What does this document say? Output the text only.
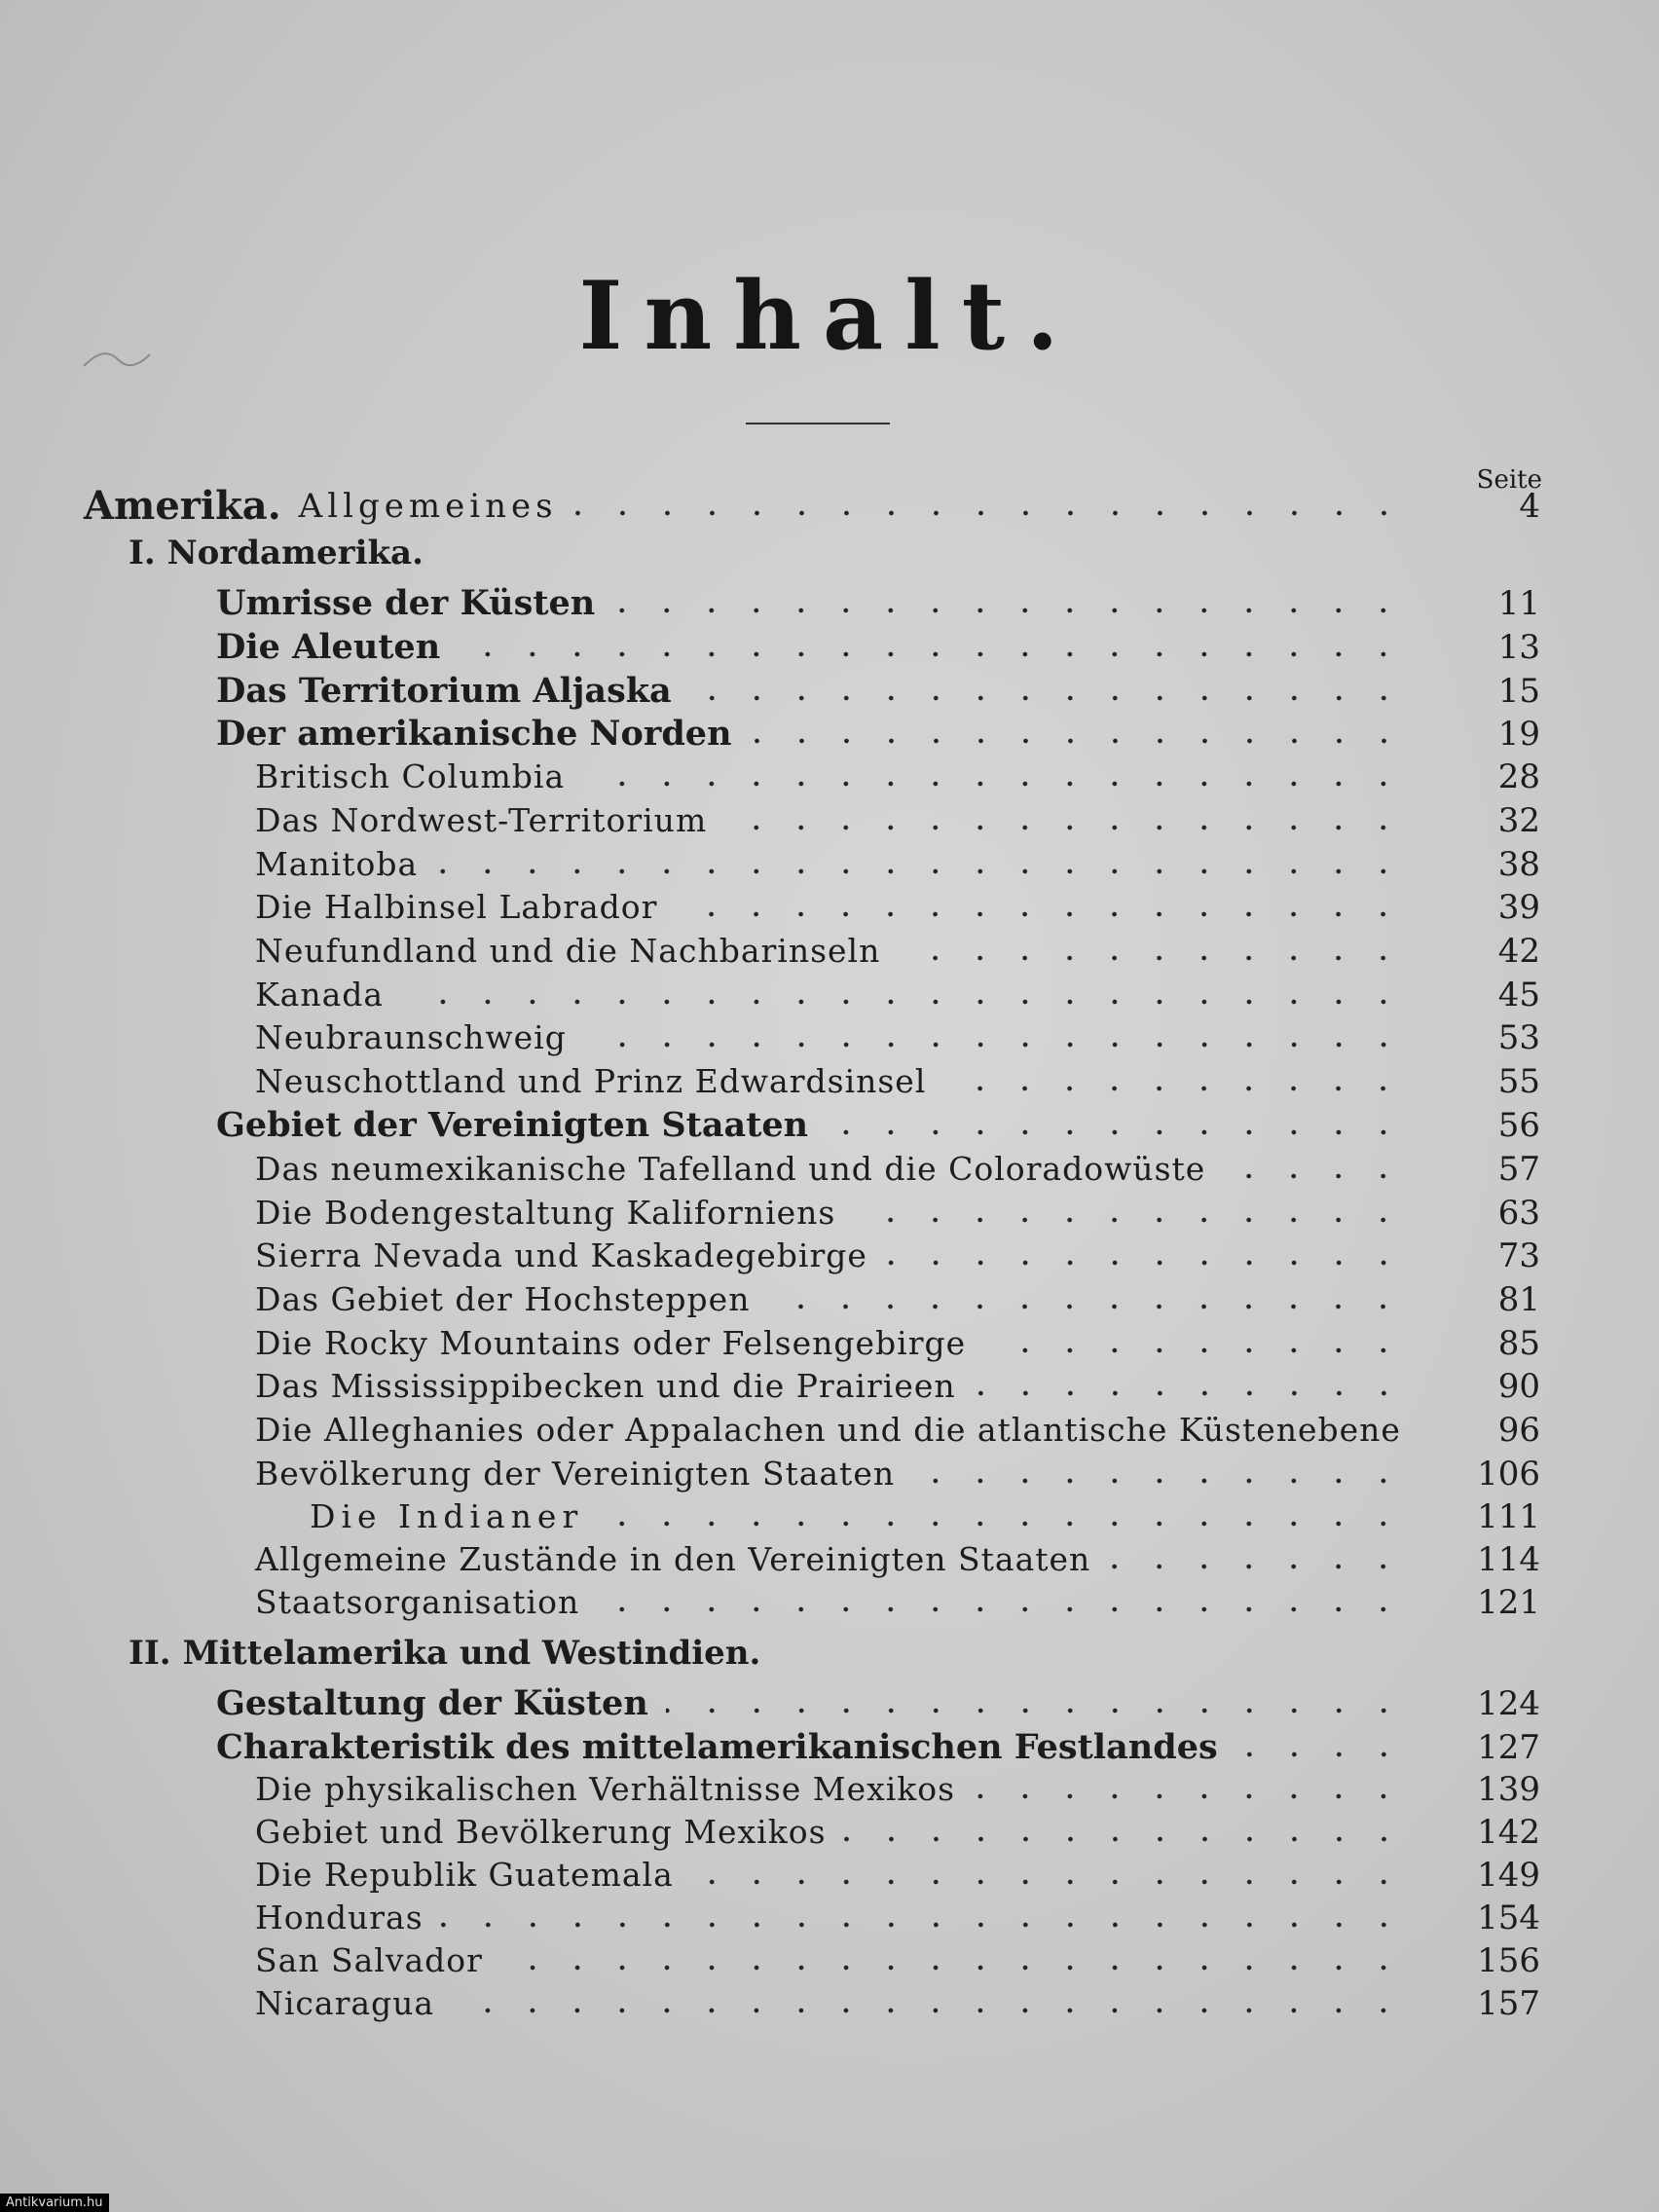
Inhalt.
Seite
Amerika. Allgemeines	4
I. Nordamerika.
Umrisse der Küsten	11
Die Aleuten	13
Das Territorium Aljaska	15
Der amerikanische Norden	19
Britisch Columbia	28
Das Nordwest-Territorium	32
Manitoba	38
Die Halbinsel Labrador	39
Neufundland und die Nachbarinseln	42
Kanada	45
Neubraunschweig	53
Neuschottland und Prinz Edwardsinsel	55
Gebiet der Vereinigten Staaten	56
Das neumexikanische Tafelland und die Coloradowüste	57
Die Bodengestaltung Kaliforniens	63
Sierra Nevada und Kaskadegebirge	73
Das Gebiet der Hochsteppen	81
Die Rocky Mountains oder Felsengebirge	85
Das Mississippibecken und die Prairieen	90
Die Alleghanies oder Appalachen und die atlantische Küstenebene	96
Bevölkerung der Vereinigten Staaten	106
Die Indianer	111
Allgemeine Zustände in den Vereinigten Staaten	114
Staatsorganisation	121
II. Mittelamerika und Westindien.
Gestaltung der Küsten	124
Charakteristik des mittelamerikanischen Festlandes	127
Die physikalischen Verhältnisse Mexikos	139
Gebiet und Bevölkerung Mexikos	142
Die Republik Guatemala	149
Honduras	154
San Salvador	156
Nicaragua	157
Antikvarium.hu
